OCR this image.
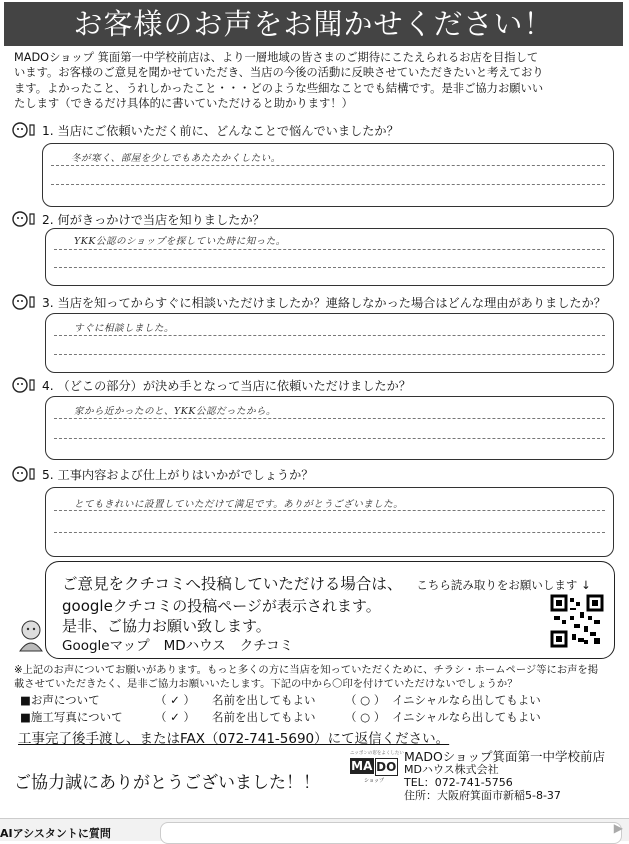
お客様のお声をお聞かせください！
MADOショップ 箕面第一中学校前店は、より一層地域の皆さまのご期待にこたえられるお店を目指して
います。お客様のご意見を聞かせていただき、当店の今後の活動に反映させていただきたいと考えており
ます。よかったこと、うれしかったこと・・・どのような些細なことでも結構です。是非ご協力お願いい
たします（できるだけ具体的に書いていただけると助かります！）
1. 当店にご依頼いただく前に、どんなことで悩んでいましたか？
冬が寒く、部屋を少しでもあたたかくしたい。
2. 何がきっかけで当店を知りましたか？
YKK公認のショップを探していた時に知った。
3. 当店を知ってからすぐに相談いただけましたか？連絡しなかった場合はどんな理由がありましたか？
すぐに相談しました。
4. （どこの部分）が決め手となって当店に依頼いただけましたか？
家から近かったのと、YKK公認だったから。
5. 工事内容および仕上がりはいかがでしょうか？
とてもきれいに設置していただけて満足です。ありがとうございました。
ご意見をクチコミへ投稿していただける場合は、 こちら読み取りをお願いします ↓
googleクチコミの投稿ページが表示されます。
是非、ご協力お願い致します。
Googleマップ MDハウス クチコミ
※上記のお声についてお願いがあります。もっと多くの方に当店を知っていただくために、チラシ・ホームページ等にお声を掲
載させていただきたく、是非ご協力お願いいたします。下記の中から〇印を付けていただけないでしょうか？
■お声について	（ ✓ ） 名前を出してもよい	（ ○ ） イニシャルなら出してもよい
■施工写真について	（ ✓ ） 名前を出してもよい	（ ○ ） イニシャルなら出してもよい
工事完了後手渡し、またはFAX（072-741-5690）にて返信ください。
ご協力誠にありがとうございました！！
ニッポンの窓をよくしたい
MA DO
ショップ
MADOショップ箕面第一中学校前店
MDハウス株式会社
TEL：072-741-5756
住所：大阪府箕面市新稲5-8-37
AIアシスタントに質問	▶
